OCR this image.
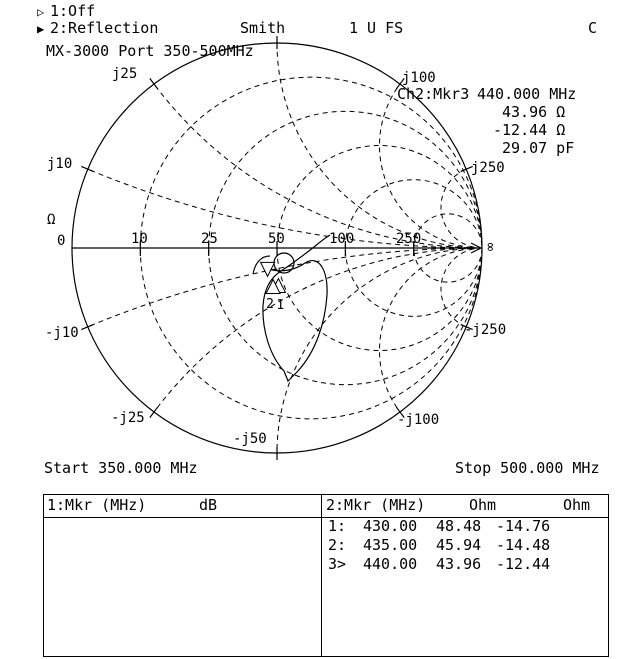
▷ 1:Off
▶ 2:Reflection	Smith	1 U FS	C
MX-3000 Port 350-500MHz
Ch2:Mkr3 440.000 MHz
43.96 Ω
-12.44 Ω
29.07 pF
0	10	25	50	100	250
j10
j25	j100
j250
-j10
-j25
-j50
-j100
-j250
Ω
∞
1
2
Start 350.000 MHz	Stop 500.000 MHz
1:Mkr (MHz)	dB	2:Mkr (MHz)	Ohm	Ohm
1: 430.00 48.48 -14.76
2: 435.00 45.94 -14.48
3> 440.00 43.96 -12.44
